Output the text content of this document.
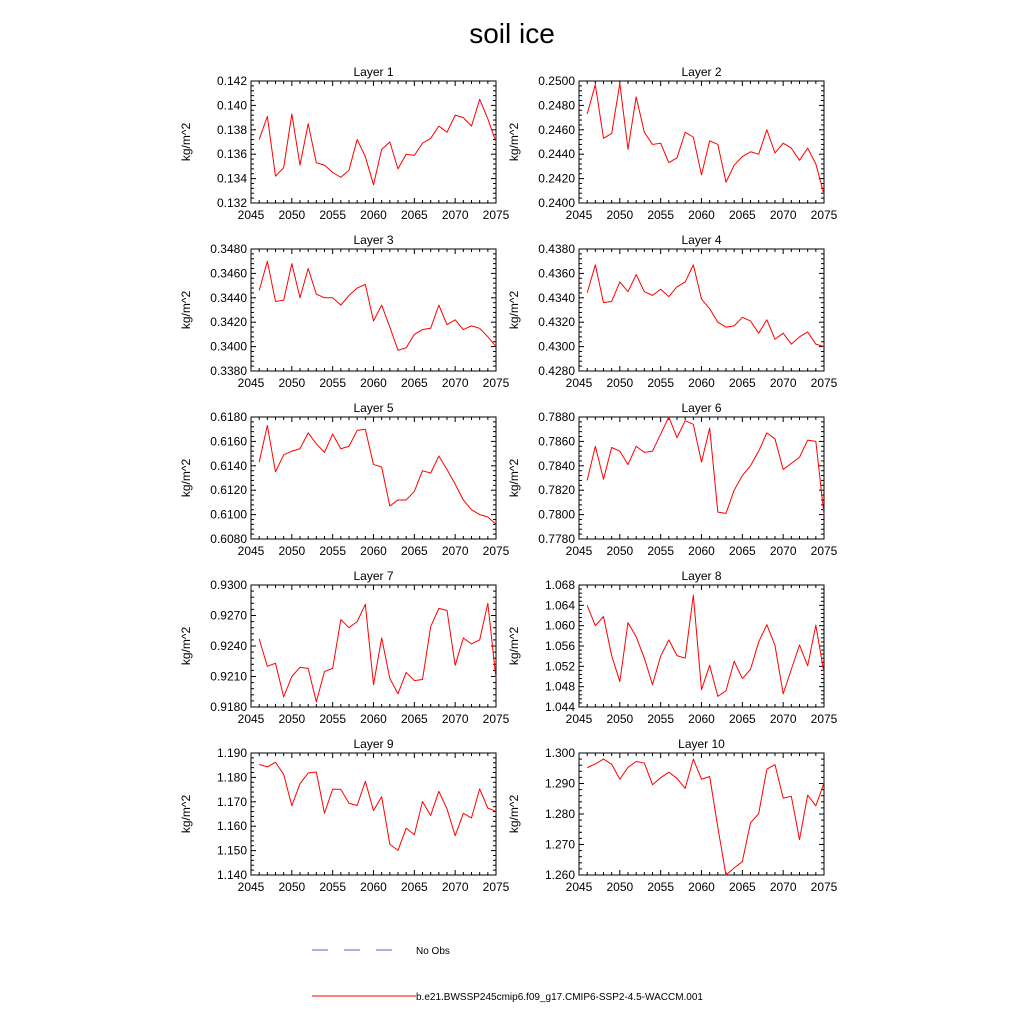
soil ice
Layer 1
kg/m^2
2045 2050 2055 2060 2065 2070 2075
0.132
0.134
0.136
0.138
0.140
0.142
Layer 2
kg/m^2
2045 2050 2055 2060 2065 2070 2075
0.2400
0.2420
0.2440
0.2460
0.2480
0.2500
Layer 3
kg/m^2
2045 2050 2055 2060 2065 2070 2075
0.3380
0.3400
0.3420
0.3440
0.3460
0.3480
Layer 4
kg/m^2
2045 2050 2055 2060 2065 2070 2075
0.4280
0.4300
0.4320
0.4340
0.4360
0.4380
Layer 5
kg/m^2
2045 2050 2055 2060 2065 2070 2075
0.6080
0.6100
0.6120
0.6140
0.6160
0.6180
Layer 6
kg/m^2
2045 2050 2055 2060 2065 2070 2075
0.7780
0.7800
0.7820
0.7840
0.7860
0.7880
Layer 7
kg/m^2
2045 2050 2055 2060 2065 2070 2075
0.9180
0.9210
0.9240
0.9270
0.9300
Layer 8
kg/m^2
2045 2050 2055 2060 2065 2070 2075
1.044
1.048
1.052
1.056
1.060
1.064
1.068
Layer 9
kg/m^2
2045 2050 2055 2060 2065 2070 2075
1.140
1.150
1.160
1.170
1.180
1.190
Layer 10
kg/m^2
2045 2050 2055 2060 2065 2070 2075
1.260
1.270
1.280
1.290
1.300
No Obs
b.e21.BWSSP245cmip6.f09_g17.CMIP6-SSP2-4.5-WACCM.001
